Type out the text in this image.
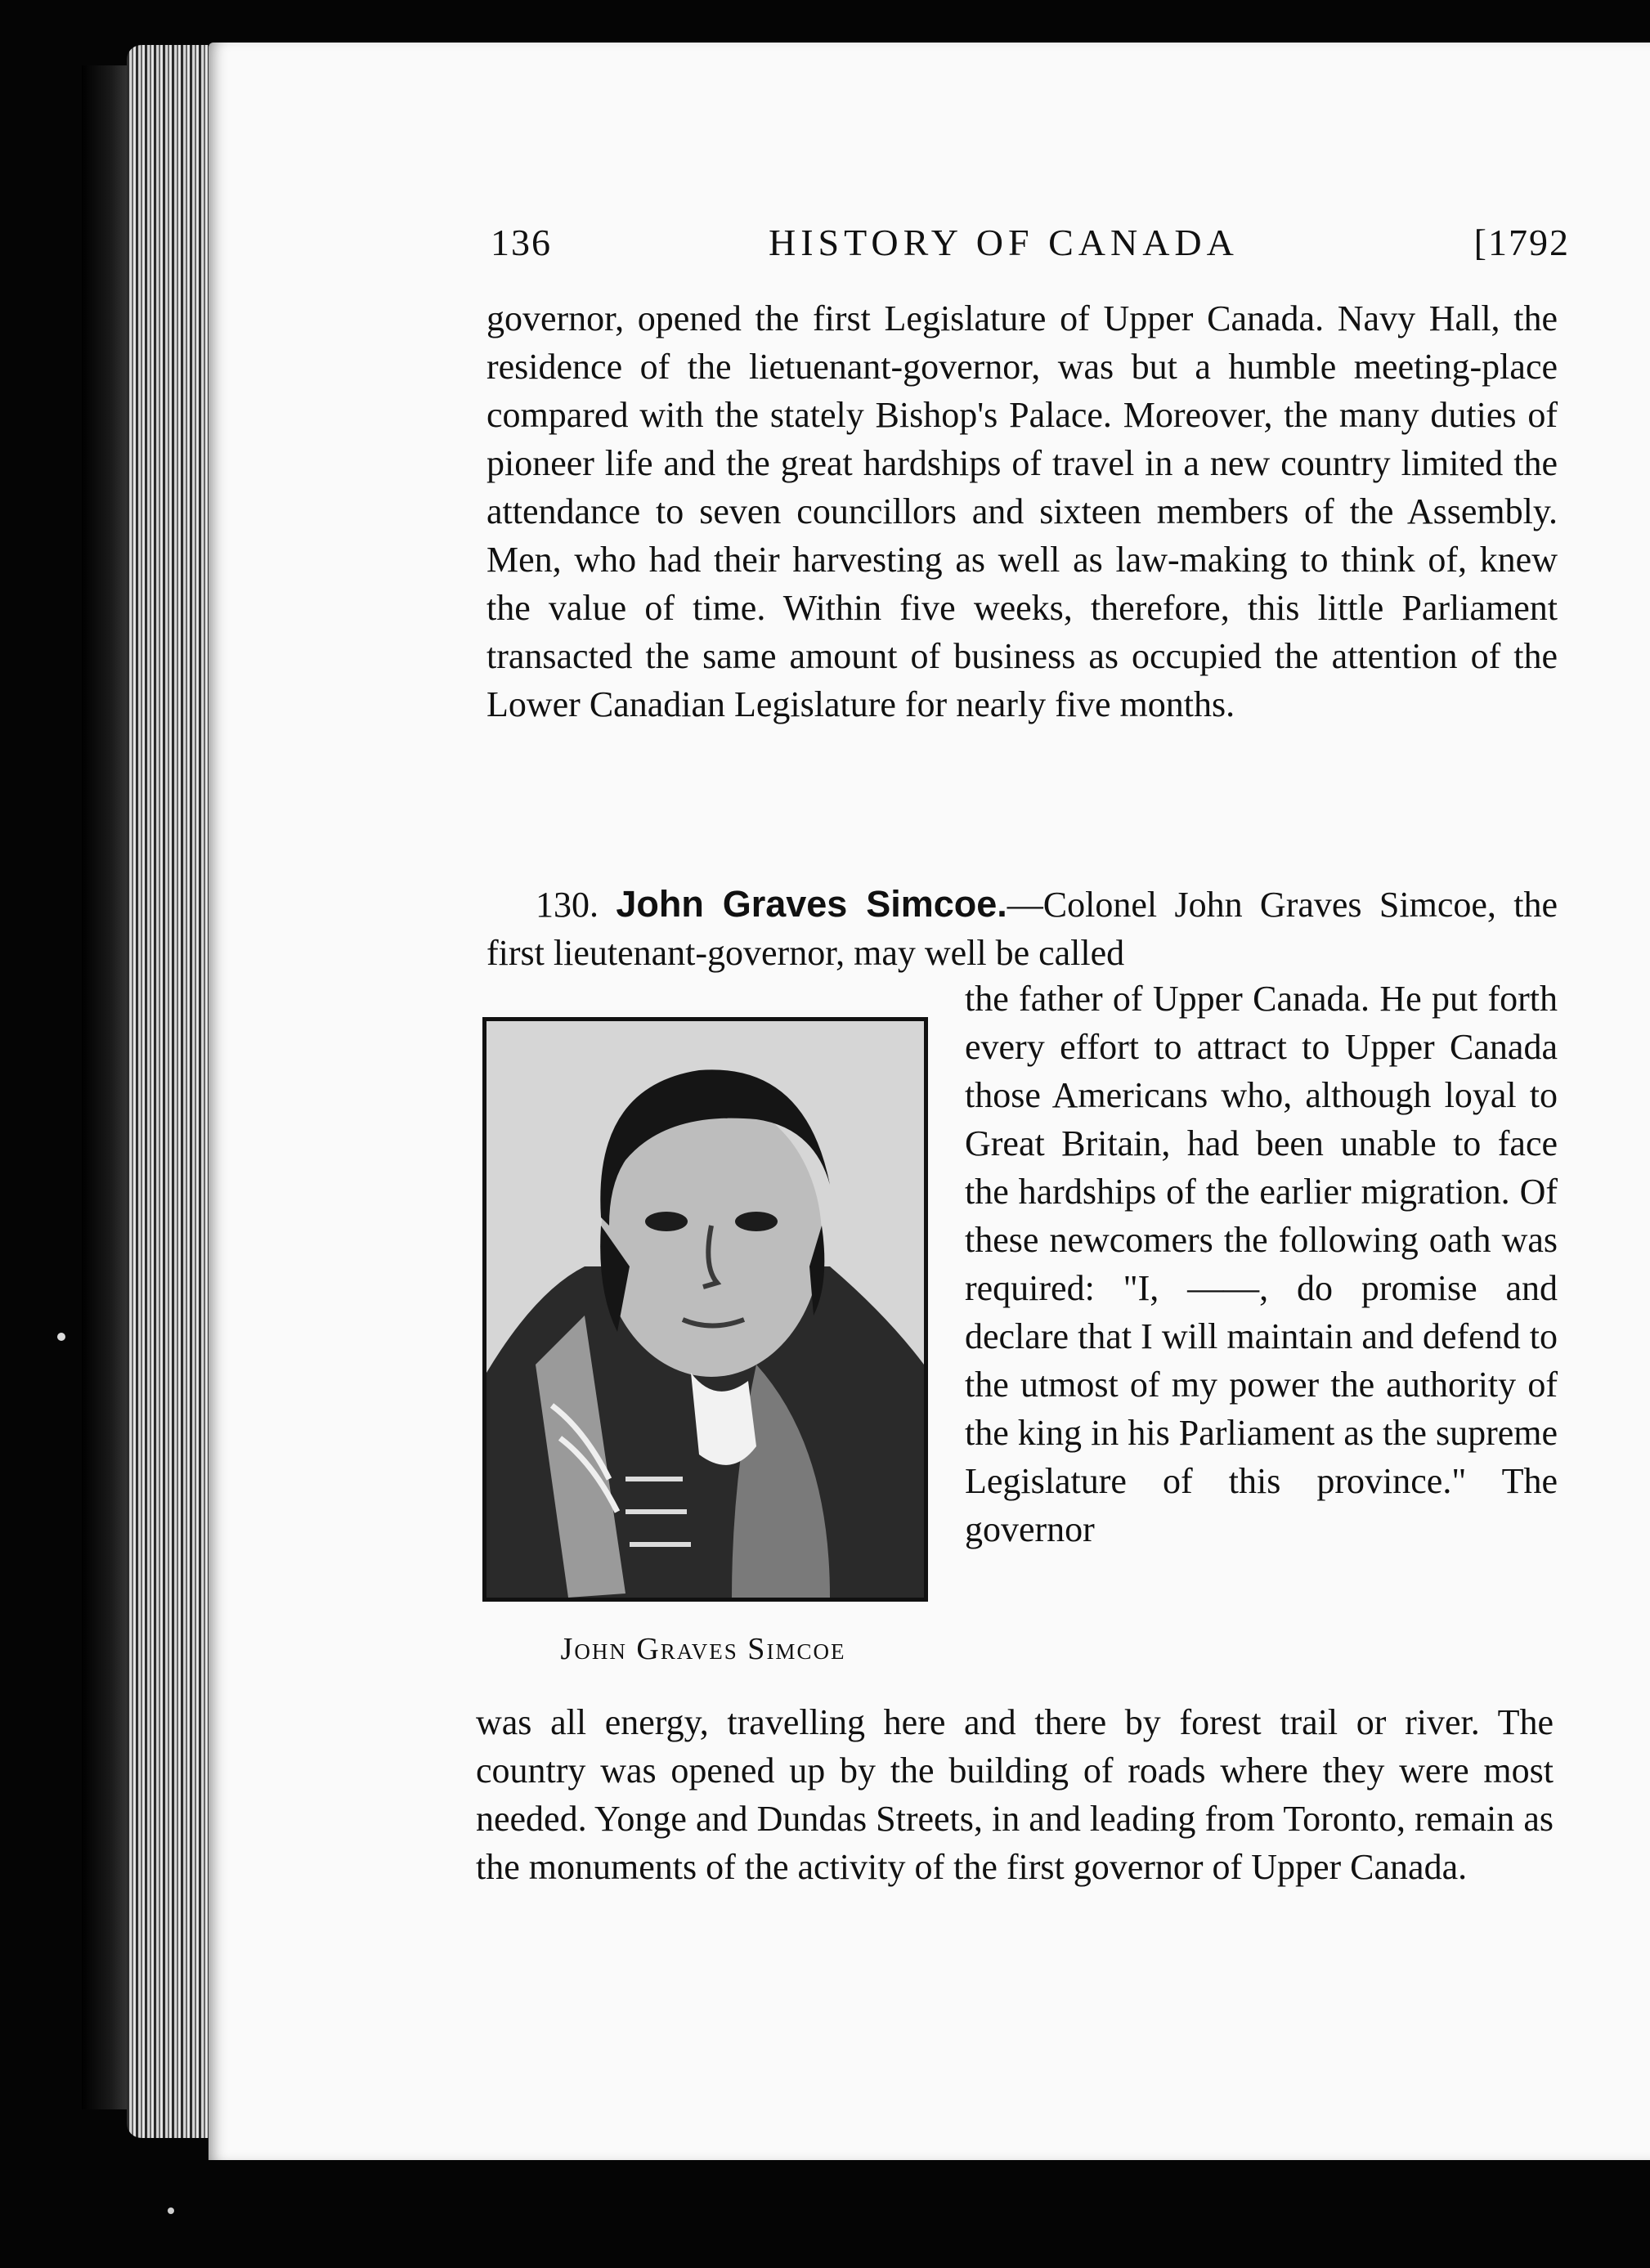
136	HISTORY OF CANADA	[1792

governor, opened the first Legislature of Upper Canada. Navy Hall, the residence of the lietuenant-governor, was but a humble meeting-place compared with the stately Bishop's Palace. Moreover, the many duties of pioneer life and the great hardships of travel in a new country limited the attendance to seven councillors and sixteen members of the Assembly. Men, who had their harvesting as well as law-making to think of, knew the value of time. Within five weeks, therefore, this little Parliament transacted the same amount of business as occupied the attention of the Lower Canadian Legislature for nearly five months.

130. John Graves Simcoe.—Colonel John Graves Simcoe, the first lieutenant-governor, may well be called
John Graves Simcoe

the father of Upper Canada. He put forth every effort to attract to Upper Canada those Americans who, although loyal to Great Britain, had been unable to face the hardships of the earlier migration. Of these newcomers the following oath was required: "I, ——, do promise and declare that I will maintain and defend to the utmost of my power the authority of the king in his Parliament as the supreme Legislature of this province." The governor

was all energy, travelling here and there by forest trail or river. The country was opened up by the building of roads where they were most needed. Yonge and Dundas Streets, in and leading from Toronto, remain as the monuments of the activity of the first governor of Upper Canada.
